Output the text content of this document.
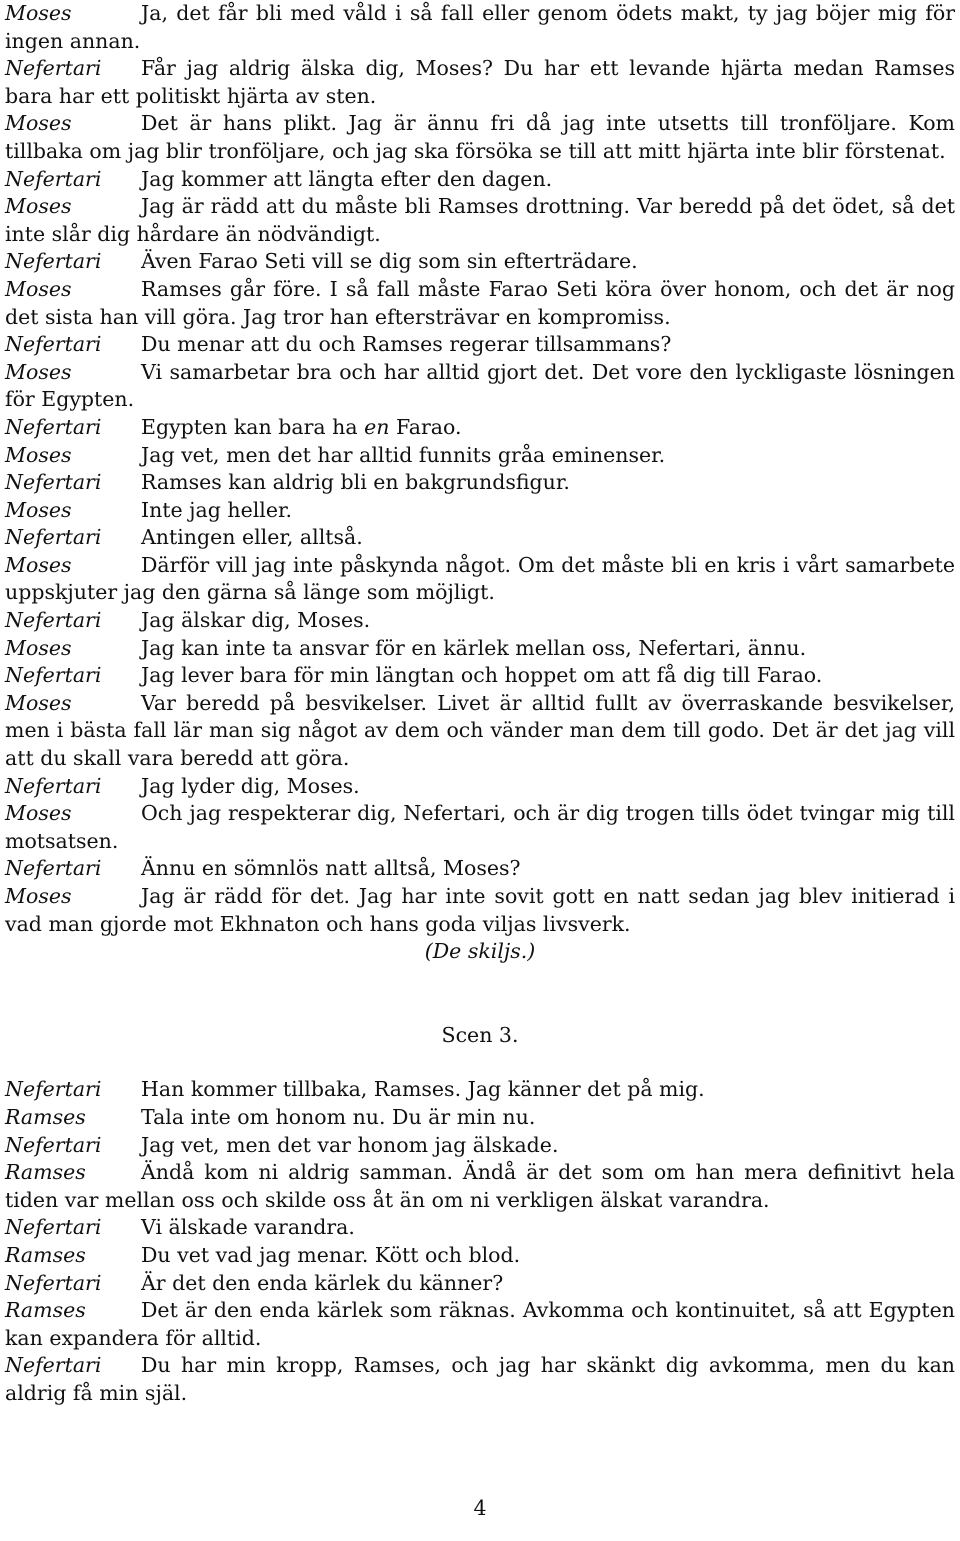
Moses	Ja, det får bli med våld i så fall eller genom ödets makt, ty jag böjer mig för ingen annan.

Nefertari Får jag aldrig älska dig, Moses? Du har ett levande hjärta medan Ramses bara har ett politiskt hjärta av sten.

Moses	Det är hans plikt. Jag är ännu fri då jag inte utsetts till tronföljare. Kom tillbaka om jag blir tronföljare, och jag ska försöka se till att mitt hjärta inte blir förstenat.

Nefertari Jag kommer att längta efter den dagen.

Moses	Jag är rädd att du måste bli Ramses drottning. Var beredd på det ödet, så det inte slår dig hårdare än nödvändigt.

Nefertari Även Farao Seti vill se dig som sin efterträdare.

Moses	Ramses går före. I så fall måste Farao Seti köra över honom, och det är nog det sista han vill göra. Jag tror han eftersträvar en kompromiss.

Nefertari Du menar att du och Ramses regerar tillsammans?

Moses	Vi samarbetar bra och har alltid gjort det. Det vore den lyckligaste lösningen för Egypten.

Nefertari Egypten kan bara ha en Farao.

Moses	Jag vet, men det har alltid funnits gråa eminenser.

Nefertari Ramses kan aldrig bli en bakgrundsfigur.

Moses	Inte jag heller.

Nefertari Antingen eller, alltså.

Moses	Därför vill jag inte påskynda något. Om det måste bli en kris i vårt samarbete uppskjuter jag den gärna så länge som möjligt.

Nefertari Jag älskar dig, Moses.

Moses	Jag kan inte ta ansvar för en kärlek mellan oss, Nefertari, ännu.

Nefertari Jag lever bara för min längtan och hoppet om att få dig till Farao.

Moses	Var beredd på besvikelser. Livet är alltid fullt av överraskande besvikelser, men i bästa fall lär man sig något av dem och vänder man dem till godo. Det är det jag vill att du skall vara beredd att göra.

Nefertari Jag lyder dig, Moses.

Moses	Och jag respekterar dig, Nefertari, och är dig trogen tills ödet tvingar mig till motsatsen.

Nefertari Ännu en sömnlös natt alltså, Moses?

Moses	Jag är rädd för det. Jag har inte sovit gott en natt sedan jag blev initierad i vad man gjorde mot Ekhnaton och hans goda viljas livsverk.

(De skiljs.)

Scen 3.

Nefertari Han kommer tillbaka, Ramses. Jag känner det på mig.

Ramses	Tala inte om honom nu. Du är min nu.

Nefertari Jag vet, men det var honom jag älskade.

Ramses	Ändå kom ni aldrig samman. Ändå är det som om han mera definitivt hela tiden var mellan oss och skilde oss åt än om ni verkligen älskat varandra.

Nefertari Vi älskade varandra.

Ramses	Du vet vad jag menar. Kött och blod.

Nefertari Är det den enda kärlek du känner?

Ramses	Det är den enda kärlek som räknas. Avkomma och kontinuitet, så att Egypten kan expandera för alltid.

Nefertari Du har min kropp, Ramses, och jag har skänkt dig avkomma, men du kan aldrig få min själ.

4
